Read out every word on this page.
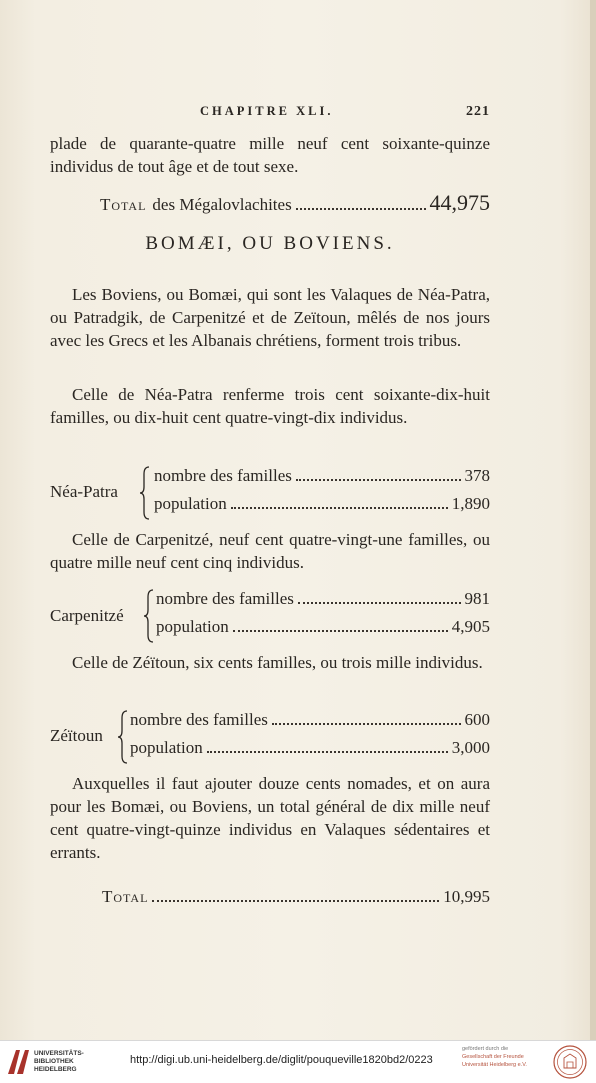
CHAPITRE XLI.	221

plade de quarante-quatre mille neuf cent soixante-quinze individus de tout âge et de tout sexe.

Total des Mégalovlachites	44,975
BOMÆI, OU BOVIENS.

Les Boviens, ou Bomæi, qui sont les Valaques de Néa-Patra, ou Patradgik, de Carpenitzé et de Zeïtoun, mêlés de nos jours avec les Grecs et les Albanais chrétiens, forment trois tribus.

Celle de Néa-Patra renferme trois cent soixante-dix-huit familles, ou dix-huit cent quatre-vingt-dix individus.

Néa-Patra
nombre des familles	378
population	1,890

Celle de Carpenitzé, neuf cent quatre-vingt-une familles, ou quatre mille neuf cent cinq individus.

Carpenitzé
nombre des familles	981
population	4,905

Celle de Zéïtoun, six cents familles, ou trois mille individus.

Zéïtoun
nombre des familles	600
population	3,000

Auxquelles il faut ajouter douze cents nomades, et on aura pour les Bomæi, ou Boviens, un total général de dix mille neuf cent quatre-vingt-quinze individus en Valaques sédentaires et errants.

Total	10,995
UNIVERSITÄTS-
BIBLIOTHEK
HEIDELBERG
http://digi.ub.uni-heidelberg.de/diglit/pouqueville1820bd2/0223
gefördert durch die
Gesellschaft der Freunde
Universität Heidelberg e.V.
